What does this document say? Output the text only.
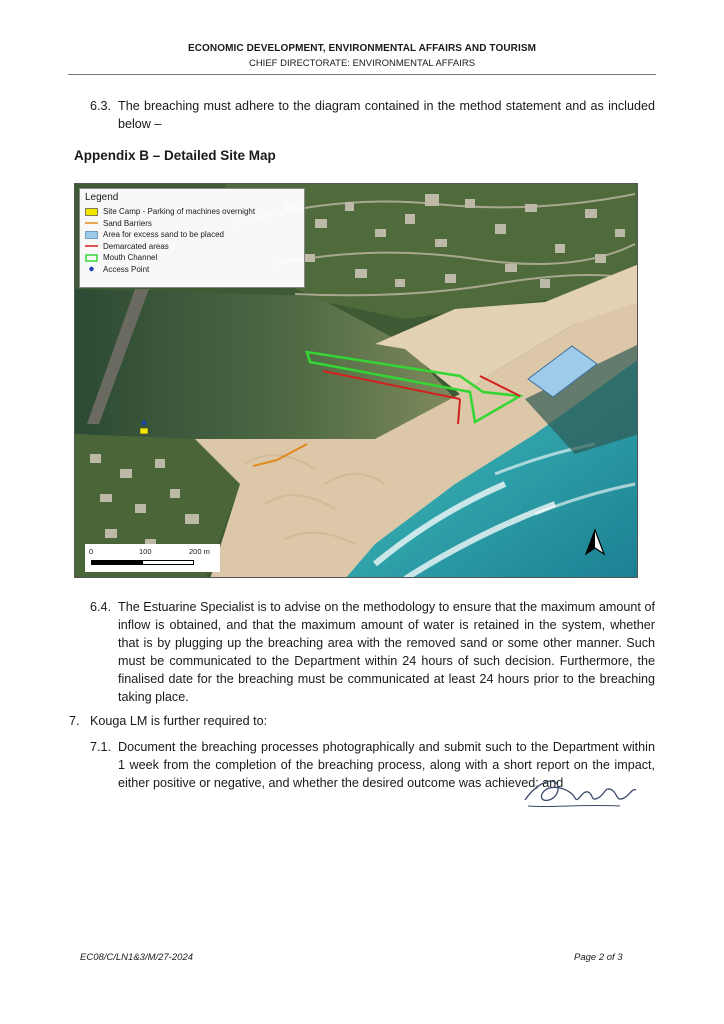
ECONOMIC DEVELOPMENT, ENVIRONMENTAL AFFAIRS AND TOURISM
CHIEF DIRECTORATE: ENVIRONMENTAL AFFAIRS
6.3. The breaching must adhere to the diagram contained in the method statement and as included below –
Appendix B – Detailed Site Map
Legend
Site Camp - Parking of machines overnight
Sand Barriers
Area for excess sand to be placed
Demarcated areas
Mouth Channel
Access Point
0	100	200 m
6.4. The Estuarine Specialist is to advise on the methodology to ensure that the maximum amount of inflow is obtained, and that the maximum amount of water is retained in the system, whether that is by plugging up the breaching area with the removed sand or some other manner. Such must be communicated to the Department within 24 hours of such decision. Furthermore, the finalised date for the breaching must be communicated at least 24 hours prior to the breaching taking place.
7. Kouga LM is further required to:
7.1. Document the breaching processes photographically and submit such to the Department within 1 week from the completion of the breaching process, along with a short report on the impact, either positive or negative, and whether the desired outcome was achieved; and
EC08/C/LN1&3/M/27-2024	Page 2 of 3
